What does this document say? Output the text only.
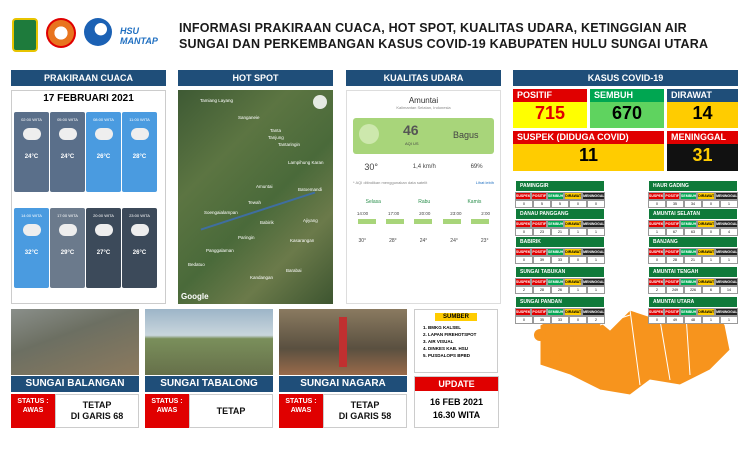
HSU
MANTAP
INFORMASI PRAKIRAAN CUACA, HOT SPOT, KUALITAS UDARA, KETINGGIAN AIR
SUNGAI DAN PERKEMBANGAN KASUS COVID-19 KABUPATEN HULU SUNGAI UTARA
PRAKIRAAN CUACA
17 FEBRUARI 2021
02:00 WITA
24°C
05:00 WITA
24°C
08:00 WITA
26°C
11:00 WITA
28°C
14:00 WITA
32°C
17:00 WITA
29°C
20:00 WITA
27°C
23:00 WITA
26°C
HOT SPOT
Tamiang Layang
Sanganeie
Tanta
Tanjung
Tantaringin
Lampihung Karan
Amuntai
Batoemandi
Tewah
Babirik
Soengaialampan
Paringin
Panggalaman
Ajiyang
Kasarangan
Barabai
Bedatuo
Kandangan
Google
KUALITAS UDARA
Amuntai
Kalimantan Selatan, Indonesia
46
AQI US
Bagus
30°	1,4 km/h	69%
* AQI ditindikan menggunakan data satelit	Lihat lebih
Selasa	Rabu	Kamis
14:00	17:00	20:00	23:00	2:00
30°	28°	24°	24°	23°
KASUS COVID-19
POSITIF
715
SEMBUH
670
DIRAWAT
14
SUSPEK (DIDUGA COVID)
11
MENINGGAL
31
PAMINGGIR
SUSPEK POSITIF SEMBUH DIRAWAT MENINGGAL
0	5	5	0	0
DANAU PANGGANG
SUSPEK POSITIF SEMBUH DIRAWAT MENINGGAL
0	23	21	1	1
BABIRIK
SUSPEK POSITIF SEMBUH DIRAWAT MENINGGAL
0	39	33	0	1
SUNGAI TABUKAN
SUSPEK POSITIF SEMBUH DIRAWAT MENINGGAL
2	28	26	1	1
SUNGAI PANDAN
SUSPEK POSITIF SEMBUH DIRAWAT MENINGGAL
0	35	33	0	2
HAUR GADING
SUSPEK POSITIF SEMBUH DIRAWAT MENINGGAL
0	35	34	0	1
AMUNTAI SELATAN
SUSPEK POSITIF SEMBUH DIRAWAT MENINGGAL
1	67	63	0	4
BANJANG
SUSPEK POSITIF SEMBUH DIRAWAT MENINGGAL
0	28	21	1	1
AMUNTAI TENGAH
SUSPEK POSITIF SEMBUH DIRAWAT MENINGGAL
2	249	226	6	14
AMUNTAI UTARA
SUSPEK POSITIF SEMBUH DIRAWAT MENINGGAL
0	49	48	1	1
SUMBER
1. BMKG KALSEL
2. LAPAN FIREHOTSPOT
3. AIR VISUAL
4. DINKES KAB. HSU
5. PUSDALOPS BPBD
SUNGAI BALANGAN
STATUS : AWAS
TETAP
DI GARIS 68
SUNGAI TABALONG
STATUS : AWAS	TETAP
SUNGAI NAGARA
STATUS : AWAS
TETAP
DI GARIS 58
UPDATE
16 FEB 2021
16.30 WITA
